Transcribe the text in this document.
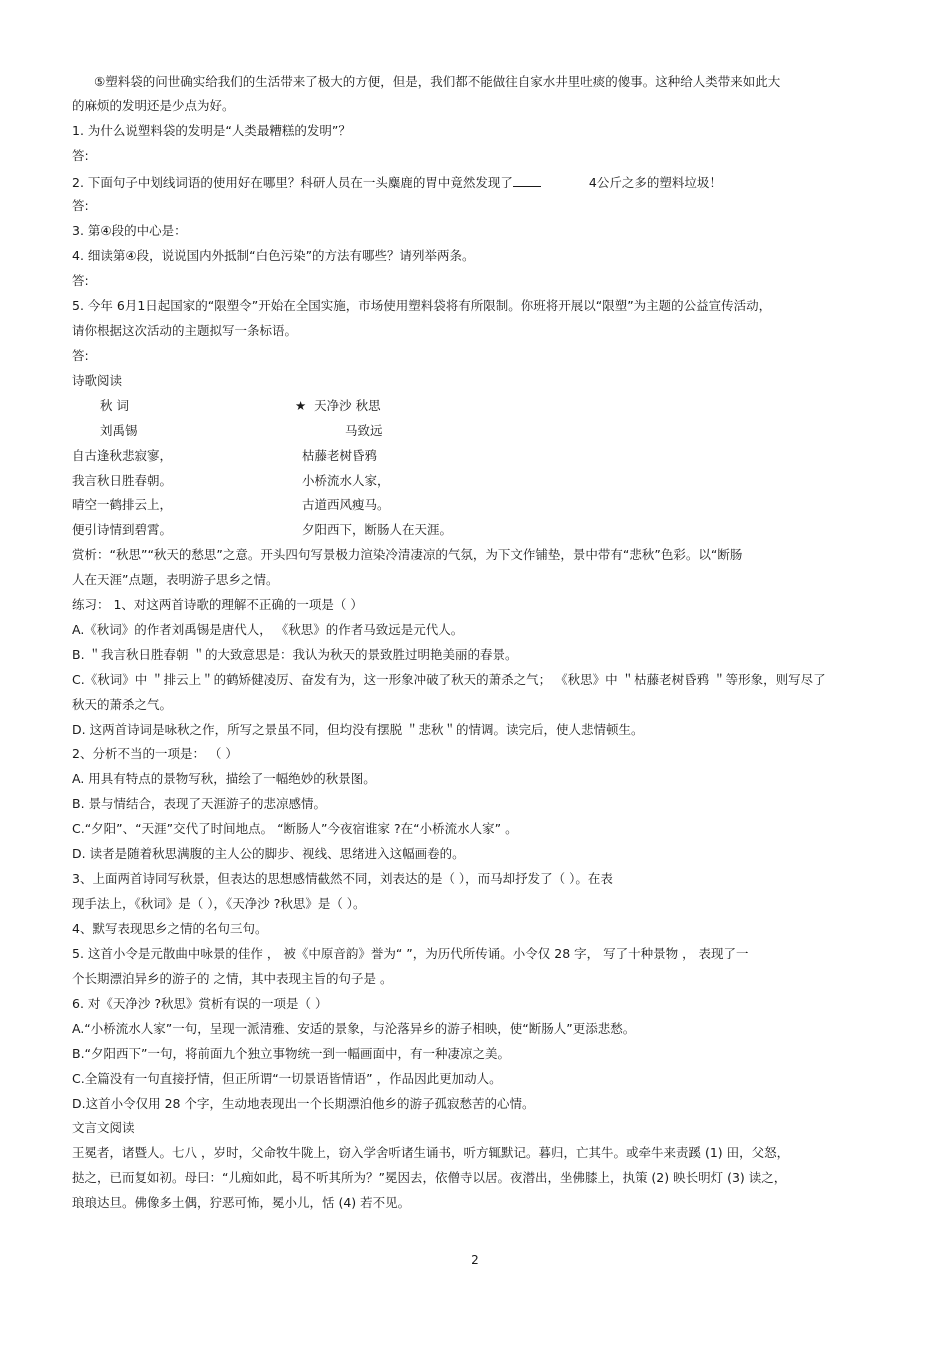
⑤塑料袋的问世确实给我们的生活带来了极大的方便，但是，我们都不能做往自家水井里吐痰的傻事。这种给人类带来如此大
的麻烦的发明还是少点为好。
1. 为什么说塑料袋的发明是“人类最糟糕的发明”？
答:
2. 下面句子中划线词语的使用好在哪里？科研人员在一头麋鹿的胃中竟然发现了	4公斤之多的塑料垃圾！
答:
3. 第④段的中心是：
4. 细读第④段，说说国内外抵制“白色污染”的方法有哪些？请列举两条。
答:
5. 今年 6月1日起国家的“限塑令”开始在全国实施，市场使用塑料袋将有所限制。你班将开展以“限塑”为主题的公益宣传活动，
请你根据这次活动的主题拟写一条标语。
答:
诗歌阅读
秋 词	★ 天净沙 秋思
刘禹锡	马致远
自古逢秋悲寂寥，	枯藤老树昏鸦
我言秋日胜春朝。	小桥流水人家，
晴空一鹤排云上，	古道西风瘦马。
便引诗情到碧霄。	夕阳西下，断肠人在天涯。
赏析：“秋思”“秋天的愁思”之意。开头四句写景极力渲染冷清凄凉的气氛，为下文作铺垫，景中带有“悲秋”色彩。以“断肠
人在天涯”点题，表明游子思乡之情。
练习： 1、对这两首诗歌的理解不正确的一项是（ ）
A.《秋词》的作者刘禹锡是唐代人， 《秋思》的作者马致远是元代人。
B. ＂我言秋日胜春朝 ＂的大致意思是：我认为秋天的景致胜过明艳美丽的春景。
C.《秋词》中 ＂排云上＂的鹤矫健凌厉、奋发有为，这一形象冲破了秋天的萧杀之气； 《秋思》中 ＂枯藤老树昏鸦 ＂等形象，则写尽了
秋天的萧杀之气。
D. 这两首诗词是咏秋之作，所写之景虽不同，但均没有摆脱 ＂悲秋＂的情调。读完后，使人悲情顿生。
2、分析不当的一项是： （ ）
A. 用具有特点的景物写秋，描绘了一幅绝妙的秋景图。
B. 景与情结合，表现了天涯游子的悲凉感情。
C.“夕阳”、“天涯”交代了时间地点。 “断肠人”今夜宿谁家 ?在“小桥流水人家” 。
D. 读者是随着秋思满腹的主人公的脚步、视线、思绪进入这幅画卷的。
3、上面两首诗同写秋景，但表达的思想感情截然不同，刘表达的是（ ），而马却抒发了（ ）。在表
现手法上，《秋词》是（ ），《天净沙 ?秋思》是（ ）。
4、默写表现思乡之情的名句三句。
5. 这首小令是元散曲中咏景的佳作 ， 被《中原音韵》誉为“ ”，为历代所传诵。小令仅 28 字， 写了十种景物 ， 表现了一
个长期漂泊异乡的游子的 之情，其中表现主旨的句子是 。
6. 对《天净沙 ?秋思》赏析有误的一项是（ ）
A.“小桥流水人家”一句，呈现一派清雅、安适的景象，与沦落异乡的游子相映，使“断肠人”更添悲愁。
B.“夕阳西下”一句，将前面九个独立事物统一到一幅画面中，有一种凄凉之美。
C.全篇没有一句直接抒情，但正所谓“一切景语皆情语” ，作品因此更加动人。
D.这首小令仅用 28 个字，生动地表现出一个长期漂泊他乡的游子孤寂愁苦的心情。
文言文阅读
王冕者，诸暨人。七八 ，岁时，父命牧牛陇上，窃入学舍听诸生诵书，听方辄默记。暮归，亡其牛。或牵牛来责蹊 (1) 田，父怒，
挞之，已而复如初。母曰：“儿痴如此，曷不听其所为？”冕因去，依僧寺以居。夜潜出，坐佛膝上，执策 (2) 映长明灯 (3) 读之，
琅琅达旦。佛像多土偶，狞恶可怖，冕小儿，恬 (4) 若不见。
2
